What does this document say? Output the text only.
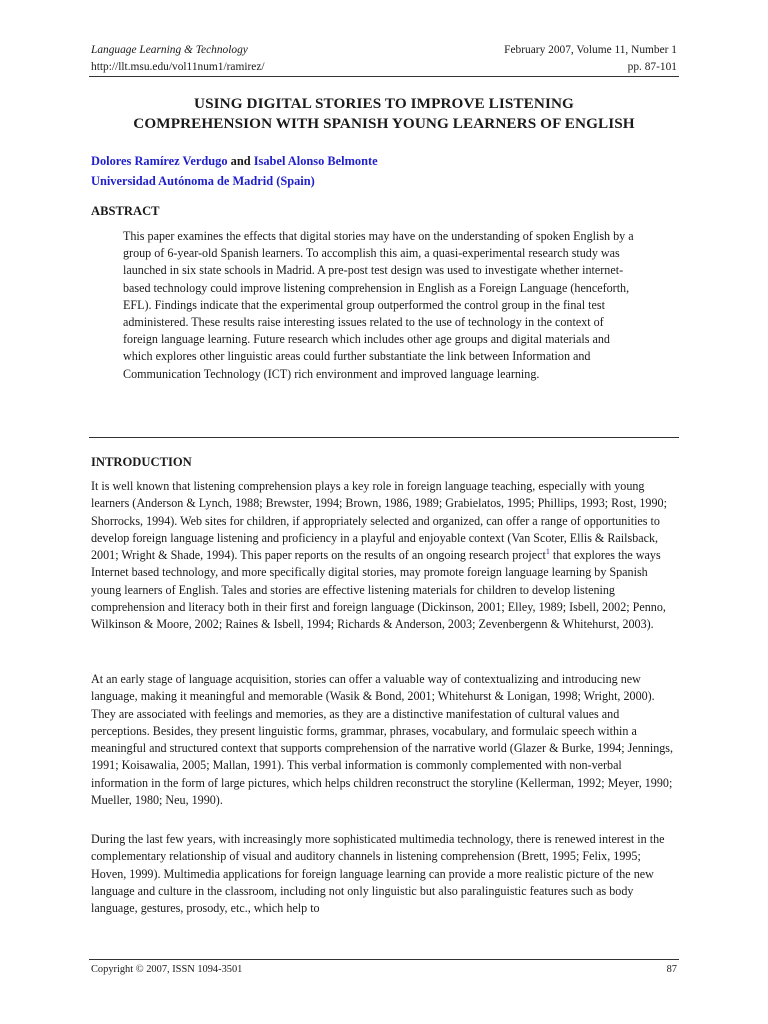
Language Learning & Technology
http://llt.msu.edu/vol11num1/ramirez/
February 2007, Volume 11, Number 1
pp. 87-101
USING DIGITAL STORIES TO IMPROVE LISTENING
COMPREHENSION WITH SPANISH YOUNG LEARNERS OF ENGLISH
Dolores Ramírez Verdugo and Isabel Alonso Belmonte
Universidad Autónoma de Madrid (Spain)
ABSTRACT
This paper examines the effects that digital stories may have on the understanding of spoken English by a group of 6-year-old Spanish learners. To accomplish this aim, a quasi-experimental research study was launched in six state schools in Madrid. A pre-post test design was used to investigate whether internet-based technology could improve listening comprehension in English as a Foreign Language (henceforth, EFL). Findings indicate that the experimental group outperformed the control group in the final test administered. These results raise interesting issues related to the use of technology in the context of foreign language learning. Future research which includes other age groups and digital materials and which explores other linguistic areas could further substantiate the link between Information and Communication Technology (ICT) rich environment and improved language learning.
INTRODUCTION

It is well known that listening comprehension plays a key role in foreign language teaching, especially with young learners (Anderson & Lynch, 1988; Brewster, 1994; Brown, 1986, 1989; Grabielatos, 1995; Phillips, 1993; Rost, 1990; Shorrocks, 1994). Web sites for children, if appropriately selected and organized, can offer a range of opportunities to develop foreign language listening and proficiency in a playful and enjoyable context (Van Scoter, Ellis & Railsback, 2001; Wright & Shade, 1994). This paper reports on the results of an ongoing research project$^1$ that explores the ways Internet based technology, and more specifically digital stories, may promote foreign language learning by Spanish young learners of English. Tales and stories are effective listening materials for children to develop listening comprehension and literacy both in their first and foreign language (Dickinson, 2001; Elley, 1989; Isbell, 2002; Penno, Wilkinson & Moore, 2002; Raines & Isbell, 1994; Richards & Anderson, 2003; Zevenbergenn & Whitehurst, 2003).

At an early stage of language acquisition, stories can offer a valuable way of contextualizing and introducing new language, making it meaningful and memorable (Wasik & Bond, 2001; Whitehurst & Lonigan, 1998; Wright, 2000). They are associated with feelings and memories, as they are a distinctive manifestation of cultural values and perceptions. Besides, they present linguistic forms, grammar, phrases, vocabulary, and formulaic speech within a meaningful and structured context that supports comprehension of the narrative world (Glazer & Burke, 1994; Jennings, 1991; Koisawalia, 2005; Mallan, 1991). This verbal information is commonly complemented with non-verbal information in the form of large pictures, which helps children reconstruct the storyline (Kellerman, 1992; Meyer, 1990; Mueller, 1980; Neu, 1990).

During the last few years, with increasingly more sophisticated multimedia technology, there is renewed interest in the complementary relationship of visual and auditory channels in listening comprehension (Brett, 1995; Felix, 1995; Hoven, 1999). Multimedia applications for foreign language learning can provide a more realistic picture of the new language and culture in the classroom, including not only linguistic but also paralinguistic features such as body language, gestures, prosody, etc., which help to

Copyright © 2007, ISSN 1094-3501	87
